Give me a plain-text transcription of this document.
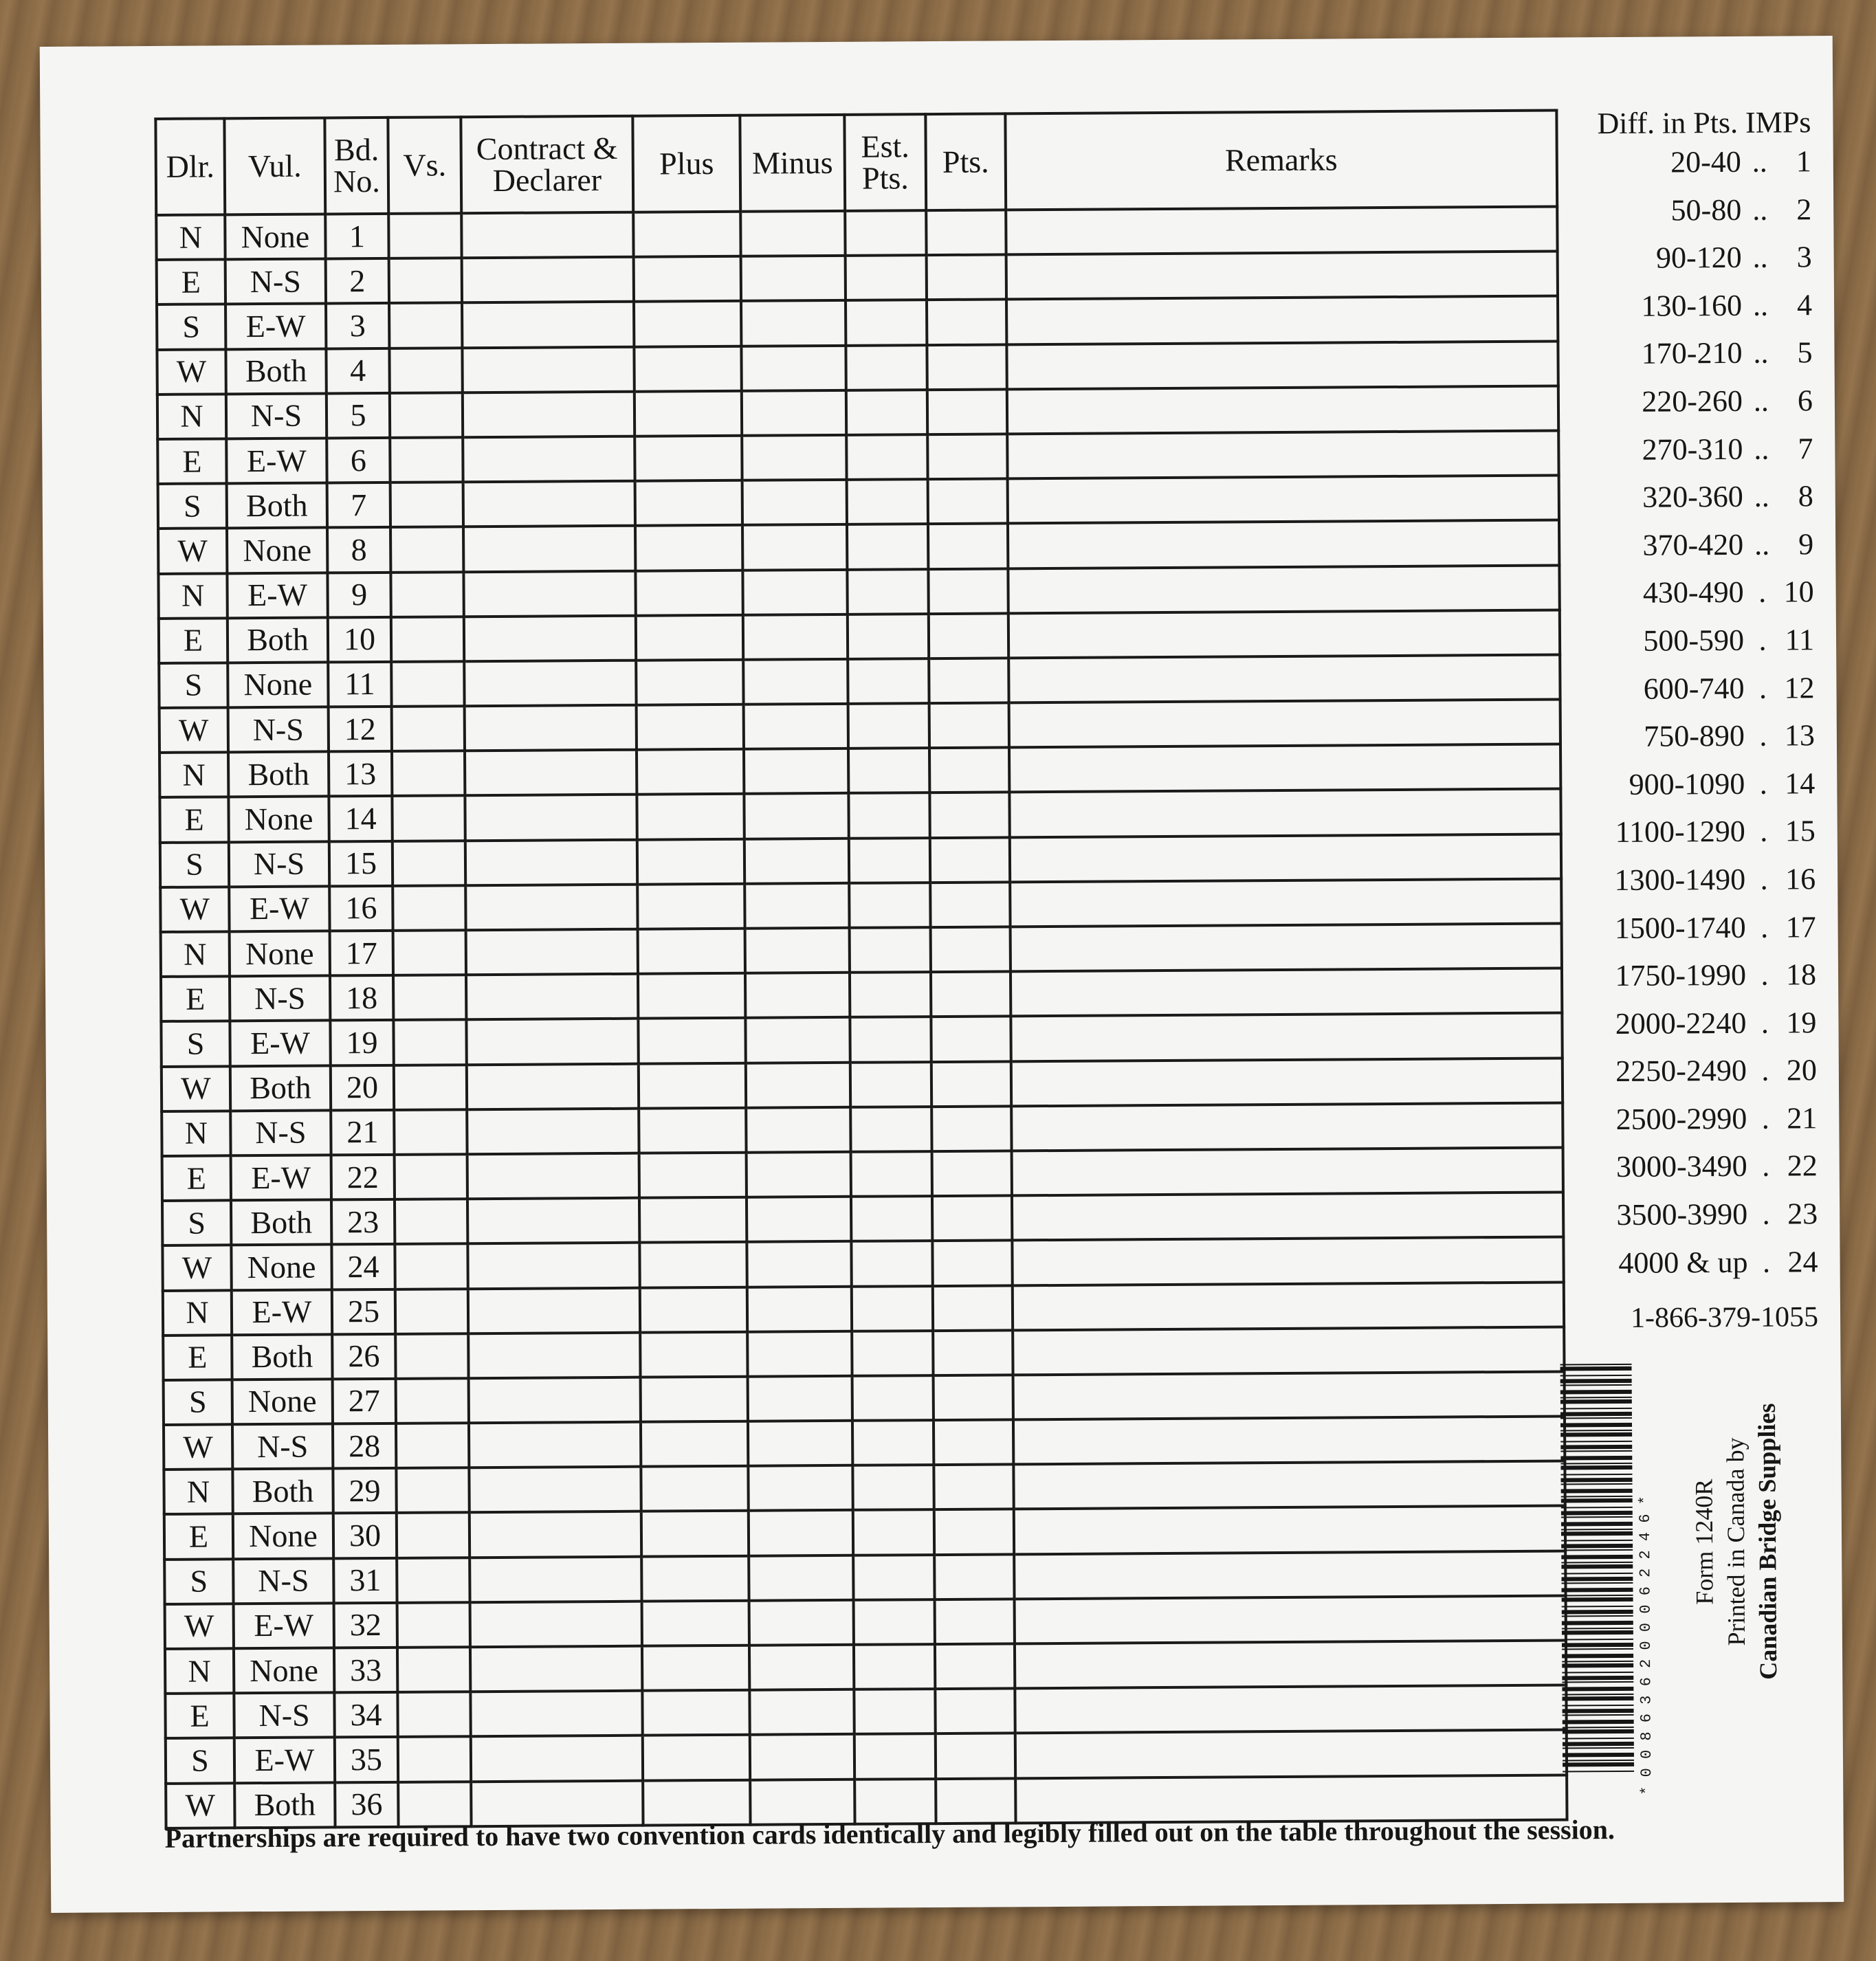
Dlr.	Vul.	Bd. No.	Vs.	Contract & Declarer	Plus	Minus	Est. Pts.	Pts.	Remarks
N	None	1							
E	N-S	2							
S	E-W	3							
W	Both	4							
N	N-S	5							
E	E-W	6							
S	Both	7							
W	None	8							
N	E-W	9							
E	Both	10							
S	None	11							
W	N-S	12							
N	Both	13							
E	None	14							
S	N-S	15							
W	E-W	16							
N	None	17							
E	N-S	18							
S	E-W	19							
W	Both	20							
N	N-S	21							
E	E-W	22							
S	Both	23							
W	None	24							
N	E-W	25							
E	Both	26							
S	None	27							
W	N-S	28							
N	Both	29							
E	None	30							
S	N-S	31							
W	E-W	32							
N	None	33							
E	N-S	34							
S	E-W	35							
W	Both	36							
Diff. in Pts. IMPs
20-40 .. 1
50-80 .. 2
90-120 .. 3
130-160 .. 4
170-210 .. 5
220-260 .. 6
270-310 .. 7
320-360 .. 8
370-420 .. 9
430-490 . 10
500-590 . 11
600-740 . 12
750-890 . 13
900-1090 . 14
1100-1290 . 15
1300-1490 . 16
1500-1740 . 17
1750-1990 . 18
2000-2240 . 19
2250-2490 . 20
2500-2990 . 21
3000-3490 . 22
3500-3990 . 23
4000 & up . 24
1-866-379-1055
* 0 0 8 6 3 6 2 0 0 0 6 2 2 4 6 * Form 1240R Printed in Canada by Canadian Bridge Supplies
Partnerships are required to have two convention cards identically and legibly filled out on the table throughout the session.
